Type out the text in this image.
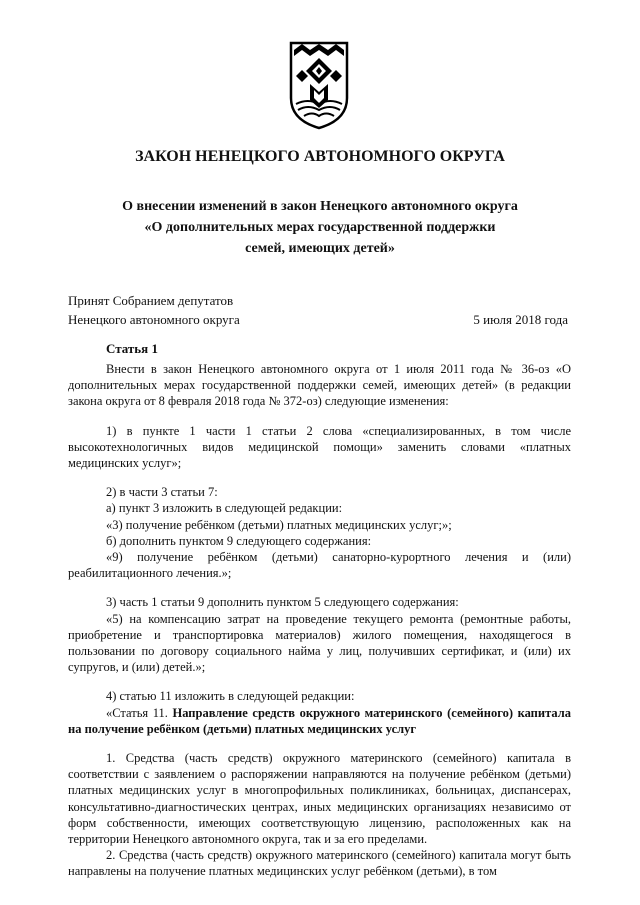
ЗАКОН НЕНЕЦКОГО АВТОНОМНОГО ОКРУГА
О внесении изменений в закон Ненецкого автономного округа
«О дополнительных мерах государственной поддержки
семей, имеющих детей»
Принят Собранием депутатов
Ненецкого автономного округа	5 июля 2018 года
Статья 1

Внести в закон Ненецкого автономного округа от 1 июля 2011 года № 36-оз «О дополнительных мерах государственной поддержки семей, имеющих детей» (в редакции закона округа от 8 февраля 2018 года № 372-оз) следующие изменения:

1) в пункте 1 части 1 статьи 2 слова «специализированных, в том числе высокотехнологичных видов медицинской помощи» заменить словами «платных медицинских услуг»;

2) в части 3 статьи 7:

а) пункт 3 изложить в следующей редакции:

«3) получение ребёнком (детьми) платных медицинских услуг;»;

б) дополнить пунктом 9 следующего содержания:

«9) получение ребёнком (детьми) санаторно-курортного лечения и (или) реабилитационного лечения.»;

3) часть 1 статьи 9 дополнить пунктом 5 следующего содержания:

«5) на компенсацию затрат на проведение текущего ремонта (ремонтные работы, приобретение и транспортировка материалов) жилого помещения, находящегося в пользовании по договору социального найма у лиц, получивших сертификат, и (или) их супругов, и (или) детей.»;

4) статью 11 изложить в следующей редакции:

«Статья 11. Направление средств окружного материнского (семейного) капитала на получение ребёнком (детьми) платных медицинских услуг

1. Средства (часть средств) окружного материнского (семейного) капитала в соответствии с заявлением о распоряжении направляются на получение ребёнком (детьми) платных медицинских услуг в многопрофильных поликлиниках, больницах, диспансерах, консультативно-диагностических центрах, иных медицинских организациях независимо от форм собственности, имеющих соответствующую лицензию, расположенных как на территории Ненецкого автономного округа, так и за его пределами.

2. Средства (часть средств) окружного материнского (семейного) капитала могут быть направлены на получение платных медицинских услуг ребёнком (детьми), в том
